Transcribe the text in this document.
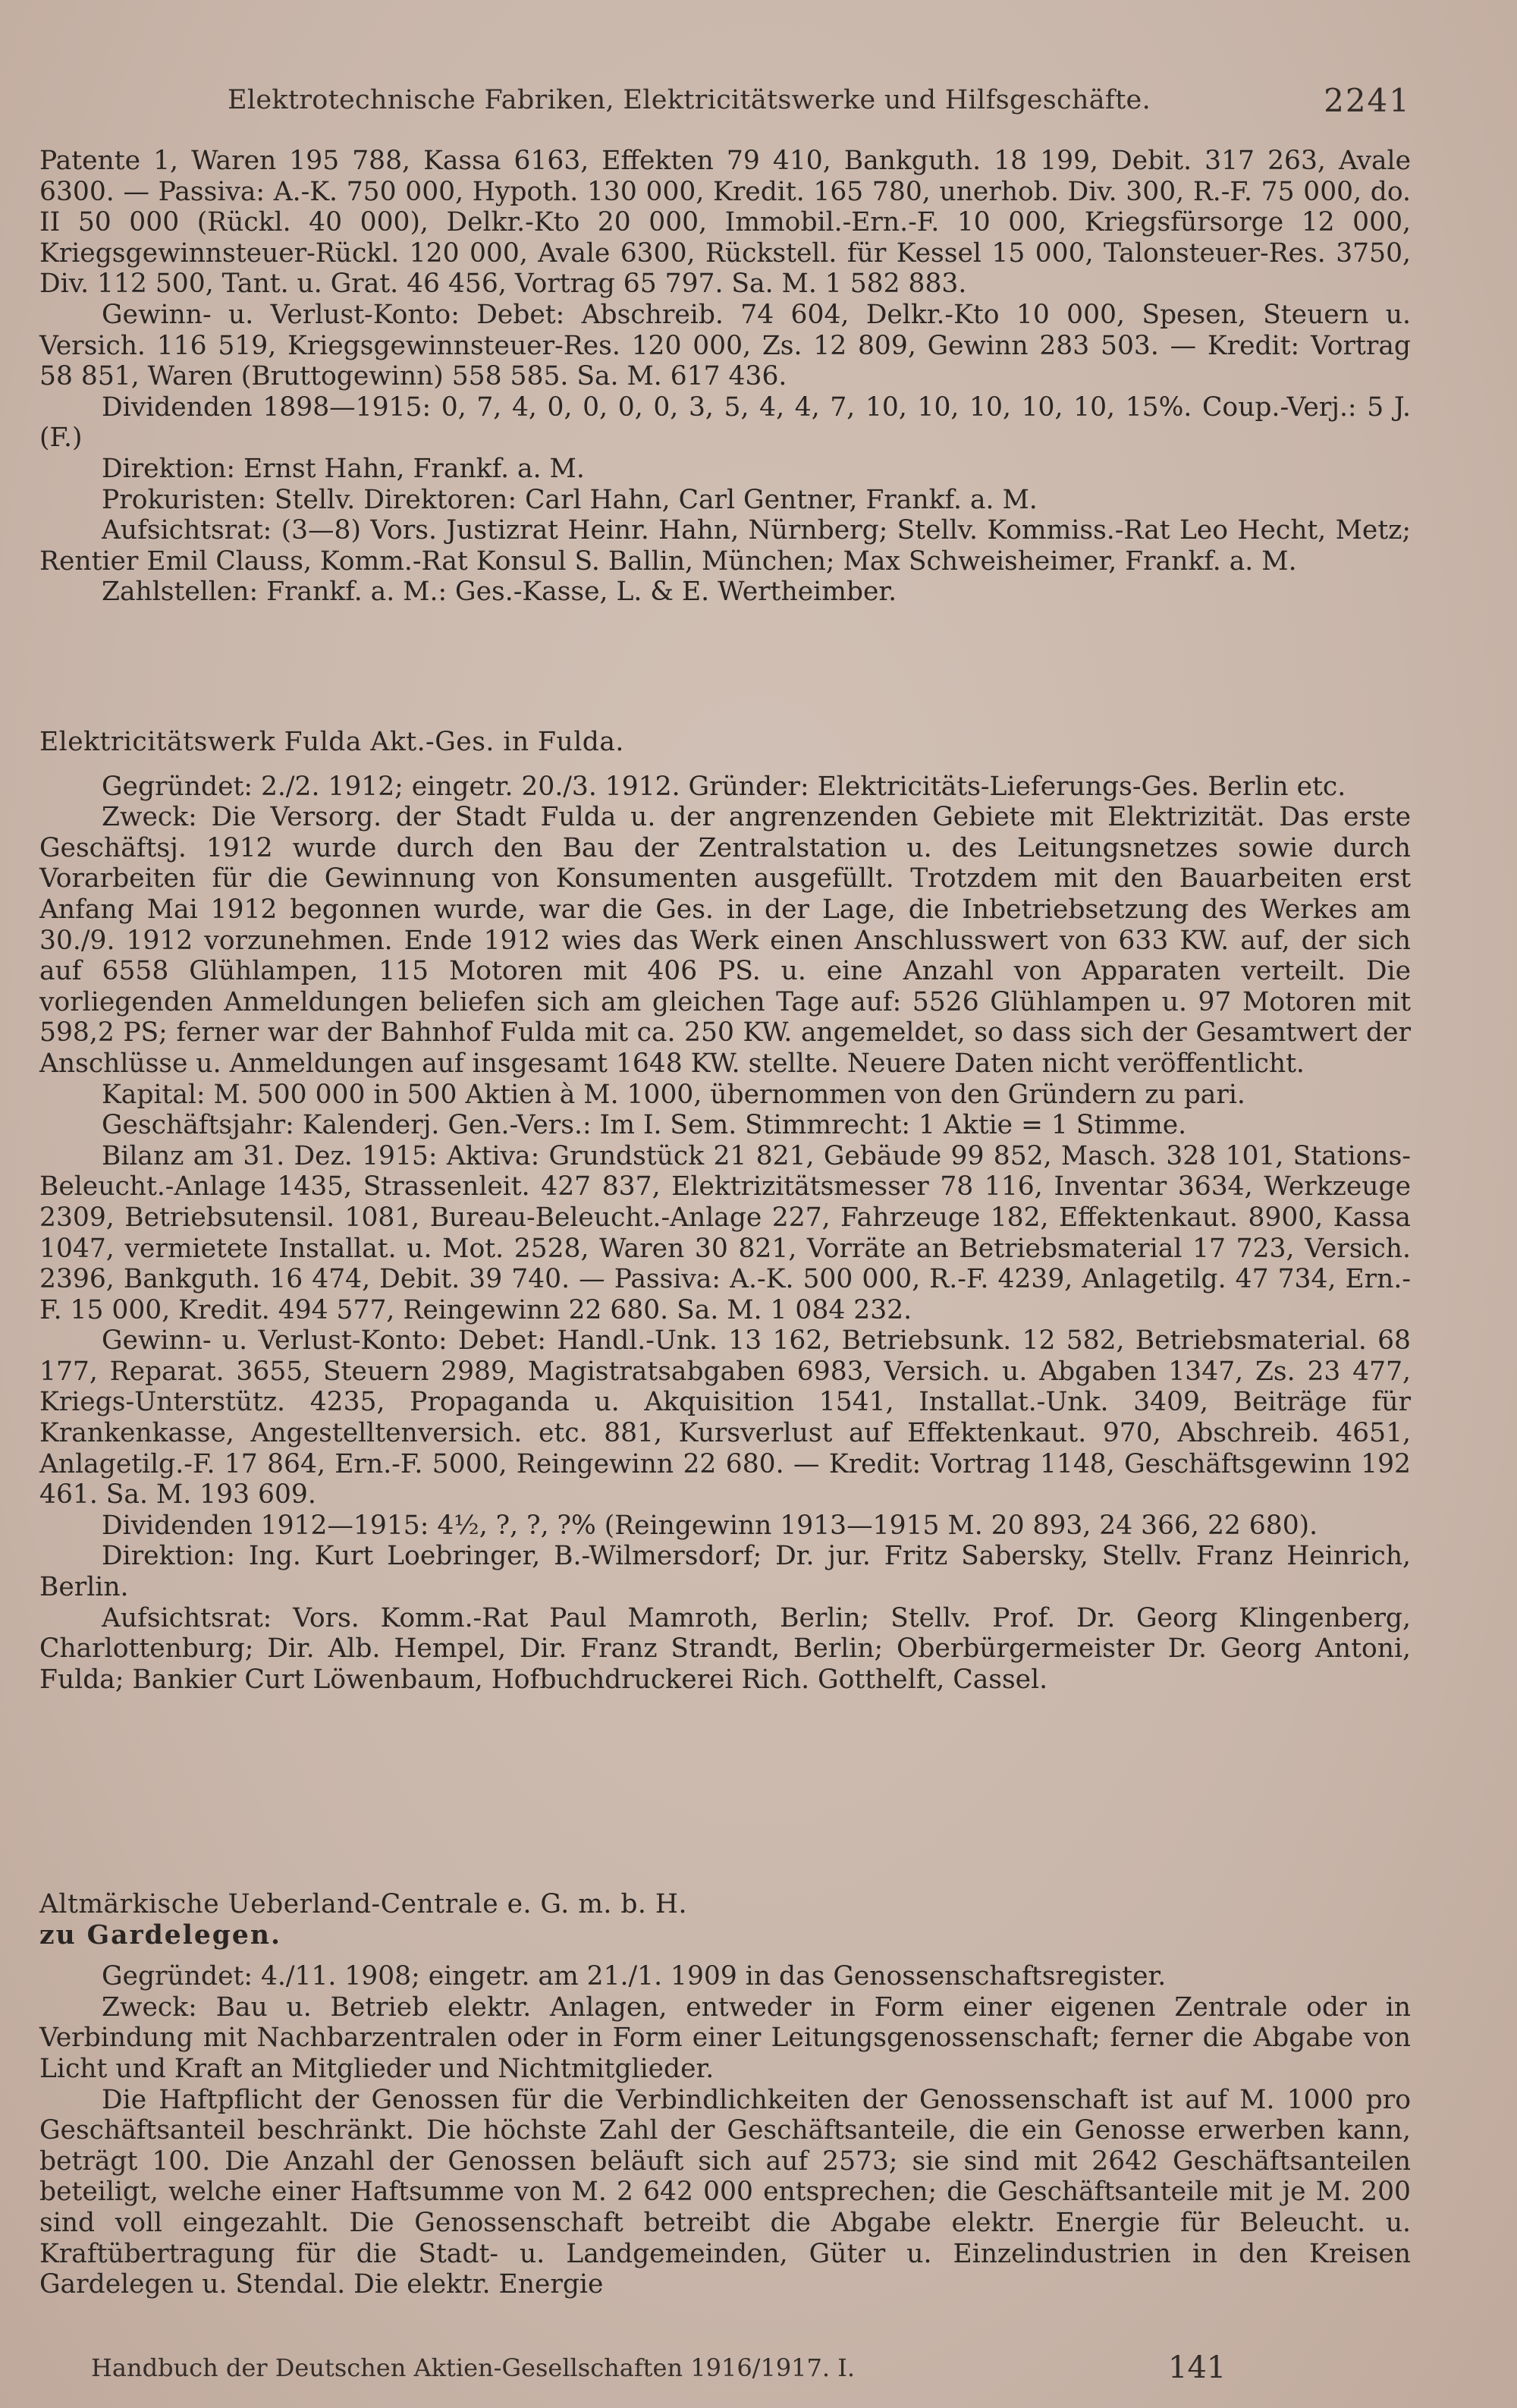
Elektrotechnische Fabriken, Elektricitätswerke und Hilfsgeschäfte.	2241

Patente 1, Waren 195 788, Kassa 6163, Effekten 79 410, Bankguth. 18 199, Debit. 317 263, Avale 6300. — Passiva: A.-K. 750 000, Hypoth. 130 000, Kredit. 165 780, unerhob. Div. 300, R.-F. 75 000, do. II 50 000 (Rückl. 40 000), Delkr.-Kto 20 000, Immobil.-Ern.-F. 10 000, Kriegsfürsorge 12 000, Kriegsgewinnsteuer-Rückl. 120 000, Avale 6300, Rückstell. für Kessel 15 000, Talonsteuer-Res. 3750, Div. 112 500, Tant. u. Grat. 46 456, Vortrag 65 797. Sa. M. 1 582 883.

Gewinn- u. Verlust-Konto: Debet: Abschreib. 74 604, Delkr.-Kto 10 000, Spesen, Steuern u. Versich. 116 519, Kriegsgewinnsteuer-Res. 120 000, Zs. 12 809, Gewinn 283 503. — Kredit: Vortrag 58 851, Waren (Bruttogewinn) 558 585. Sa. M. 617 436.

Dividenden 1898—1915: 0, 7, 4, 0, 0, 0, 0, 3, 5, 4, 4, 7, 10, 10, 10, 10, 10, 15%. Coup.-Verj.: 5 J. (F.)

Direktion: Ernst Hahn, Frankf. a. M.

Prokuristen: Stellv. Direktoren: Carl Hahn, Carl Gentner, Frankf. a. M.

Aufsichtsrat: (3—8) Vors. Justizrat Heinr. Hahn, Nürnberg; Stellv. Kommiss.-Rat Leo Hecht, Metz; Rentier Emil Clauss, Komm.-Rat Konsul S. Ballin, München; Max Schweisheimer, Frankf. a. M.

Zahlstellen: Frankf. a. M.: Ges.-Kasse, L. & E. Wertheimber.

Elektricitätswerk Fulda Akt.-Ges. in Fulda.

Gegründet: 2./2. 1912; eingetr. 20./3. 1912. Gründer: Elektricitäts-Lieferungs-Ges. Berlin etc.

Zweck: Die Versorg. der Stadt Fulda u. der angrenzenden Gebiete mit Elektrizität. Das erste Geschäftsj. 1912 wurde durch den Bau der Zentralstation u. des Leitungsnetzes sowie durch Vorarbeiten für die Gewinnung von Konsumenten ausgefüllt. Trotzdem mit den Bauarbeiten erst Anfang Mai 1912 begonnen wurde, war die Ges. in der Lage, die Inbetriebsetzung des Werkes am 30./9. 1912 vorzunehmen. Ende 1912 wies das Werk einen Anschlusswert von 633 KW. auf, der sich auf 6558 Glühlampen, 115 Motoren mit 406 PS. u. eine Anzahl von Apparaten verteilt. Die vorliegenden Anmeldungen beliefen sich am gleichen Tage auf: 5526 Glühlampen u. 97 Motoren mit 598,2 PS; ferner war der Bahnhof Fulda mit ca. 250 KW. angemeldet, so dass sich der Gesamtwert der Anschlüsse u. Anmeldungen auf insgesamt 1648 KW. stellte. Neuere Daten nicht veröffentlicht.

Kapital: M. 500 000 in 500 Aktien à M. 1000, übernommen von den Gründern zu pari.

Geschäftsjahr: Kalenderj. Gen.-Vers.: Im I. Sem. Stimmrecht: 1 Aktie = 1 Stimme.

Bilanz am 31. Dez. 1915: Aktiva: Grundstück 21 821, Gebäude 99 852, Masch. 328 101, Stations-Beleucht.-Anlage 1435, Strassenleit. 427 837, Elektrizitätsmesser 78 116, Inventar 3634, Werkzeuge 2309, Betriebsutensil. 1081, Bureau-Beleucht.-Anlage 227, Fahrzeuge 182, Effektenkaut. 8900, Kassa 1047, vermietete Installat. u. Mot. 2528, Waren 30 821, Vorräte an Betriebsmaterial 17 723, Versich. 2396, Bankguth. 16 474, Debit. 39 740. — Passiva: A.-K. 500 000, R.-F. 4239, Anlagetilg. 47 734, Ern.-F. 15 000, Kredit. 494 577, Reingewinn 22 680. Sa. M. 1 084 232.

Gewinn- u. Verlust-Konto: Debet: Handl.-Unk. 13 162, Betriebsunk. 12 582, Betriebsmaterial. 68 177, Reparat. 3655, Steuern 2989, Magistratsabgaben 6983, Versich. u. Abgaben 1347, Zs. 23 477, Kriegs-Unterstütz. 4235, Propaganda u. Akquisition 1541, Installat.-Unk. 3409, Beiträge für Krankenkasse, Angestelltenversich. etc. 881, Kursverlust auf Effektenkaut. 970, Abschreib. 4651, Anlagetilg.-F. 17 864, Ern.-F. 5000, Reingewinn 22 680. — Kredit: Vortrag 1148, Geschäftsgewinn 192 461. Sa. M. 193 609.

Dividenden 1912—1915: 4½, ?, ?, ?% (Reingewinn 1913—1915 M. 20 893, 24 366, 22 680).

Direktion: Ing. Kurt Loebringer, B.-Wilmersdorf; Dr. jur. Fritz Sabersky, Stellv. Franz Heinrich, Berlin.

Aufsichtsrat: Vors. Komm.-Rat Paul Mamroth, Berlin; Stellv. Prof. Dr. Georg Klingenberg, Charlottenburg; Dir. Alb. Hempel, Dir. Franz Strandt, Berlin; Oberbürgermeister Dr. Georg Antoni, Fulda; Bankier Curt Löwenbaum, Hofbuchdruckerei Rich. Gotthelft, Cassel.

Altmärkische Ueberland-Centrale e. G. m. b. H.

zu Gardelegen.

Gegründet: 4./11. 1908; eingetr. am 21./1. 1909 in das Genossenschaftsregister.

Zweck: Bau u. Betrieb elektr. Anlagen, entweder in Form einer eigenen Zentrale oder in Verbindung mit Nachbarzentralen oder in Form einer Leitungsgenossenschaft; ferner die Abgabe von Licht und Kraft an Mitglieder und Nichtmitglieder.

Die Haftpflicht der Genossen für die Verbindlichkeiten der Genossenschaft ist auf M. 1000 pro Geschäftsanteil beschränkt. Die höchste Zahl der Geschäftsanteile, die ein Genosse erwerben kann, beträgt 100. Die Anzahl der Genossen beläuft sich auf 2573; sie sind mit 2642 Geschäftsanteilen beteiligt, welche einer Haftsumme von M. 2 642 000 entsprechen; die Geschäftsanteile mit je M. 200 sind voll eingezahlt. Die Genossenschaft betreibt die Abgabe elektr. Energie für Beleucht. u. Kraftübertragung für die Stadt- u. Landgemeinden, Güter u. Einzelindustrien in den Kreisen Gardelegen u. Stendal. Die elektr. Energie

Handbuch der Deutschen Aktien-Gesellschaften 1916/1917. I.	141
